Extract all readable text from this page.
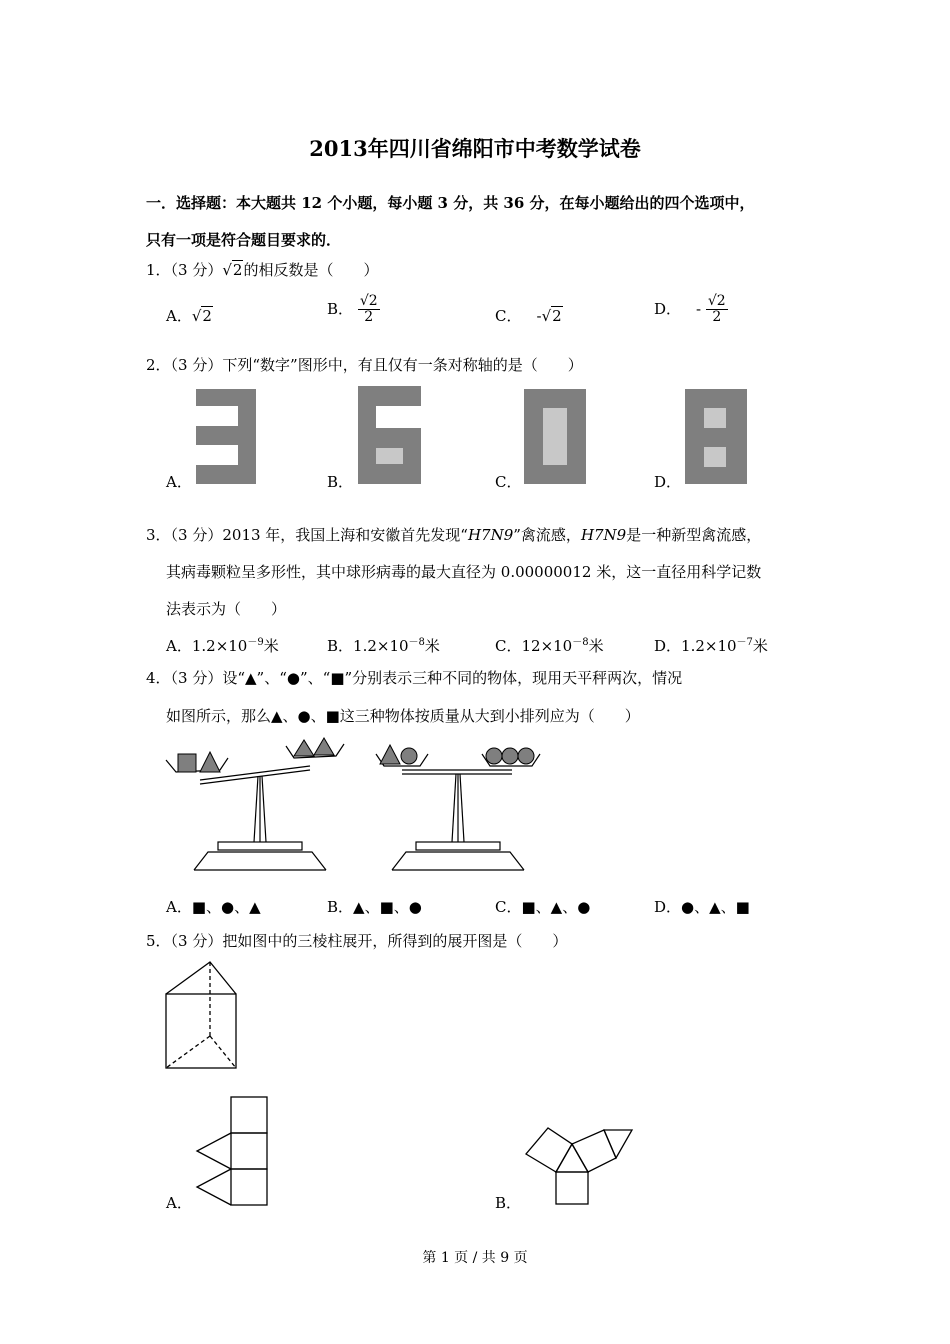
2013年四川省绵阳市中考数学试卷
一．选择题：本大题共 12 个小题，每小题 3 分，共 36 分，在每小题给出的四个选项中，
只有一项是符合题目要求的．
1．（3 分）√2的相反数是（　　）
A．√2	B． $\frac{√2}{2}$	C．  -√2	D．  - $\frac{√2}{2}$
2．（3 分）下列“数字”图形中，有且仅有一条对称轴的是（　　）
A．	B．	C．	D．
3．（3 分）2013 年，我国上海和安徽首先发现“H7N9”禽流感，H7N9是一种新型禽流感，
其病毒颗粒呈多形性，其中球形病毒的最大直径为 0.00000012 米，这一直径用科学记数
法表示为（　　）
A．$1.2\times 10^{-9}$米	B．$1.2\times 10^{-8}$米	C．$12\times 10^{-8}$米	D．$1.2\times 10^{-7}$米
4．（3 分）设“▲”、“●”、“■”分别表示三种不同的物体，现用天平秤两次，情况
如图所示，那么▲、●、■这三种物体按质量从大到小排列应为（　　）
A．■、●、▲	B．▲、■、●	C．■、▲、●	D．●、▲、■
5．（3 分）把如图中的三棱柱展开，所得到的展开图是（　　）
A．	B．
第 1 页 / 共 9 页
